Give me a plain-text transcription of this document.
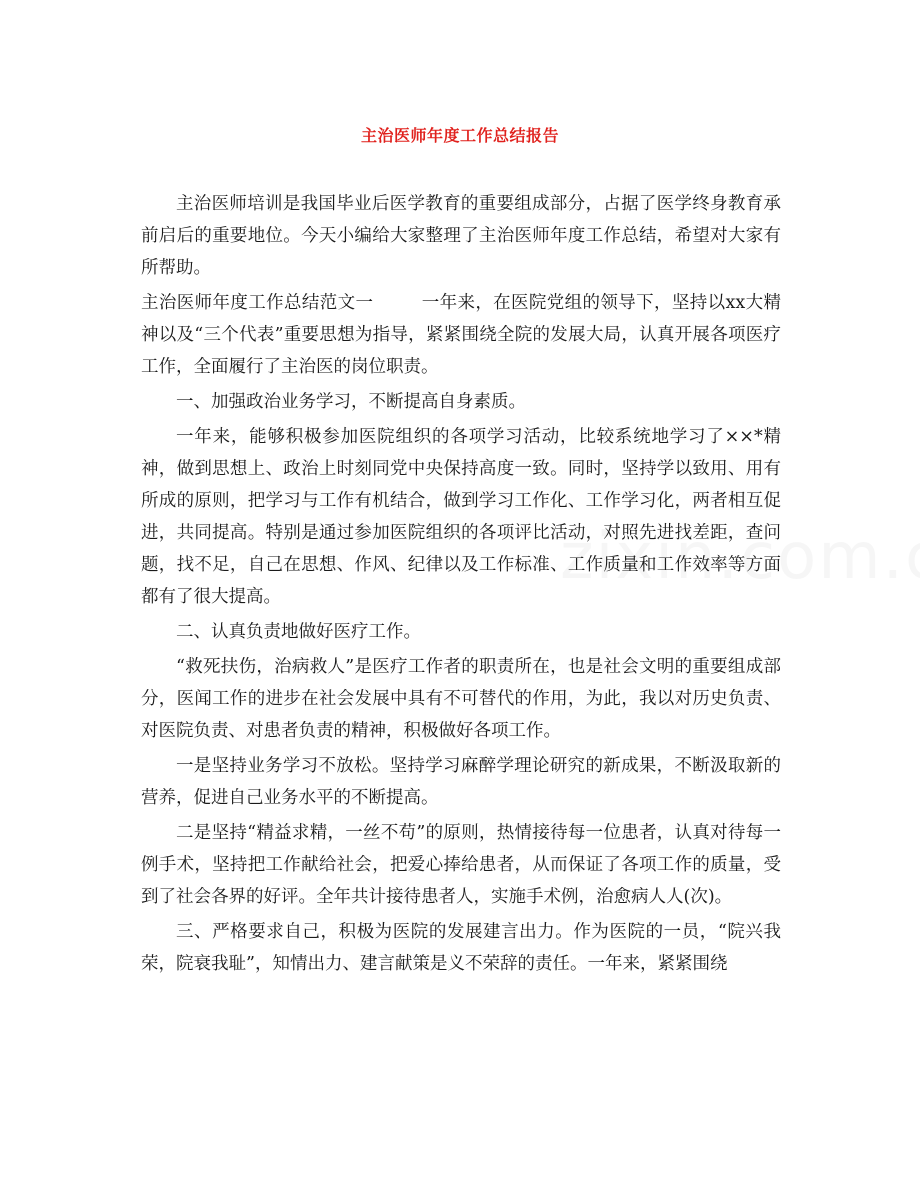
主治医师年度工作总结报告

主治医师培训是我国毕业后医学教育的重要组成部分，占据了医学终身教育承前启后的重要地位。今天小编给大家整理了主治医师年度工作总结，希望对大家有所帮助。

主治医师年度工作总结范文一	一年来，在医院党组的领导下，坚持以xx大精神以及“三个代表”重要思想为指导，紧紧围绕全院的发展大局，认真开展各项医疗工作，全面履行了主治医的岗位职责。

一、加强政治业务学习，不断提高自身素质。

一年来，能够积极参加医院组织的各项学习活动，比较系统地学习了××*精神，做到思想上、政治上时刻同党中央保持高度一致。同时，坚持学以致用、用有所成的原则，把学习与工作有机结合，做到学习工作化、工作学习化，两者相互促进，共同提高。特别是通过参加医院组织的各项评比活动，对照先进找差距，查问题，找不足，自己在思想、作风、纪律以及工作标准、工作质量和工作效率等方面都有了很大提高。

二、认真负责地做好医疗工作。

“救死扶伤，治病救人”是医疗工作者的职责所在，也是社会文明的重要组成部分，医闻工作的进步在社会发展中具有不可替代的作用，为此，我以对历史负责、对医院负责、对患者负责的精神，积极做好各项工作。

一是坚持业务学习不放松。坚持学习麻醉学理论研究的新成果，不断汲取新的营养，促进自己业务水平的不断提高。

二是坚持“精益求精，一丝不苟”的原则，热情接待每一位患者，认真对待每一例手术，坚持把工作献给社会，把爱心捧给患者，从而保证了各项工作的质量，受到了社会各界的好评。全年共计接待患者人，实施手术例，治愈病人人(次)。

三、严格要求自己，积极为医院的发展建言出力。作为医院的一员，“院兴我荣，院衰我耻”，知情出力、建言献策是义不荣辞的责任。一年来，紧紧围绕
